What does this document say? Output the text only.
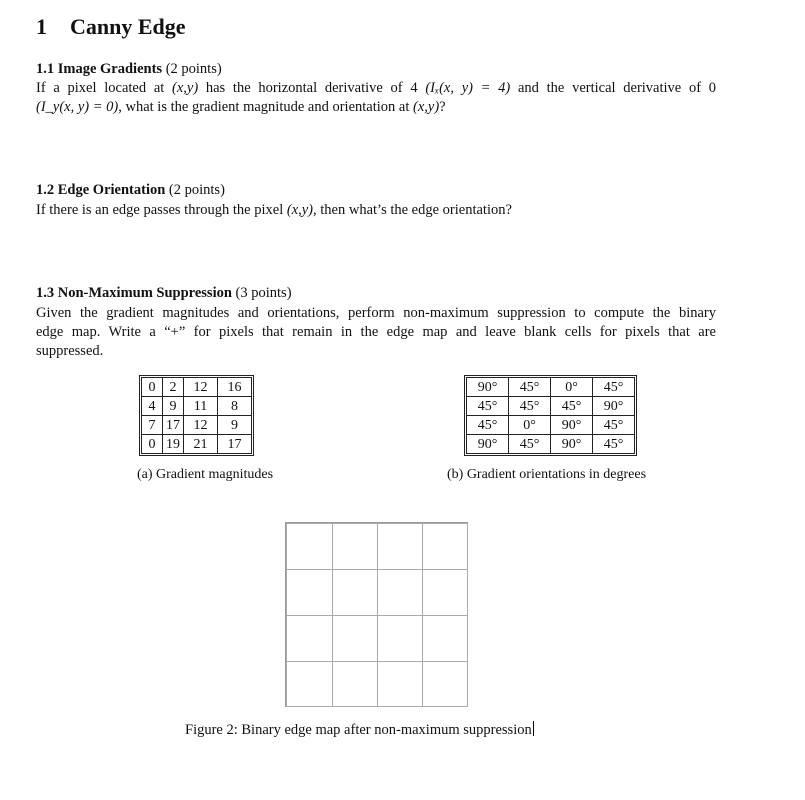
1 Canny Edge
1.1 Image Gradients (2 points)
If a pixel located at (x,y) has the horizontal derivative of 4 (Iₓ(x, y) = 4) and the vertical derivative of 0
(I_y(x, y) = 0), what is the gradient magnitude and orientation at (x,y)?
1.2 Edge Orientation (2 points)
If there is an edge passes through the pixel (x,y), then what’s the edge orientation?
1.3 Non-Maximum Suppression (3 points)
Given the gradient magnitudes and orientations, perform non-maximum suppression to compute the binary
edge map. Write a “+” for pixels that remain in the edge map and leave blank cells for pixels that are
suppressed.
0	2	12	16
4	9	11	8
7	17	12	9
0	19	21	17
(a) Gradient magnitudes
90°	45°	0°	45°
45°	45°	45°	90°
45°	0°	90°	45°
90°	45°	90°	45°
(b) Gradient orientations in degrees
Figure 2: Binary edge map after non-maximum suppression
